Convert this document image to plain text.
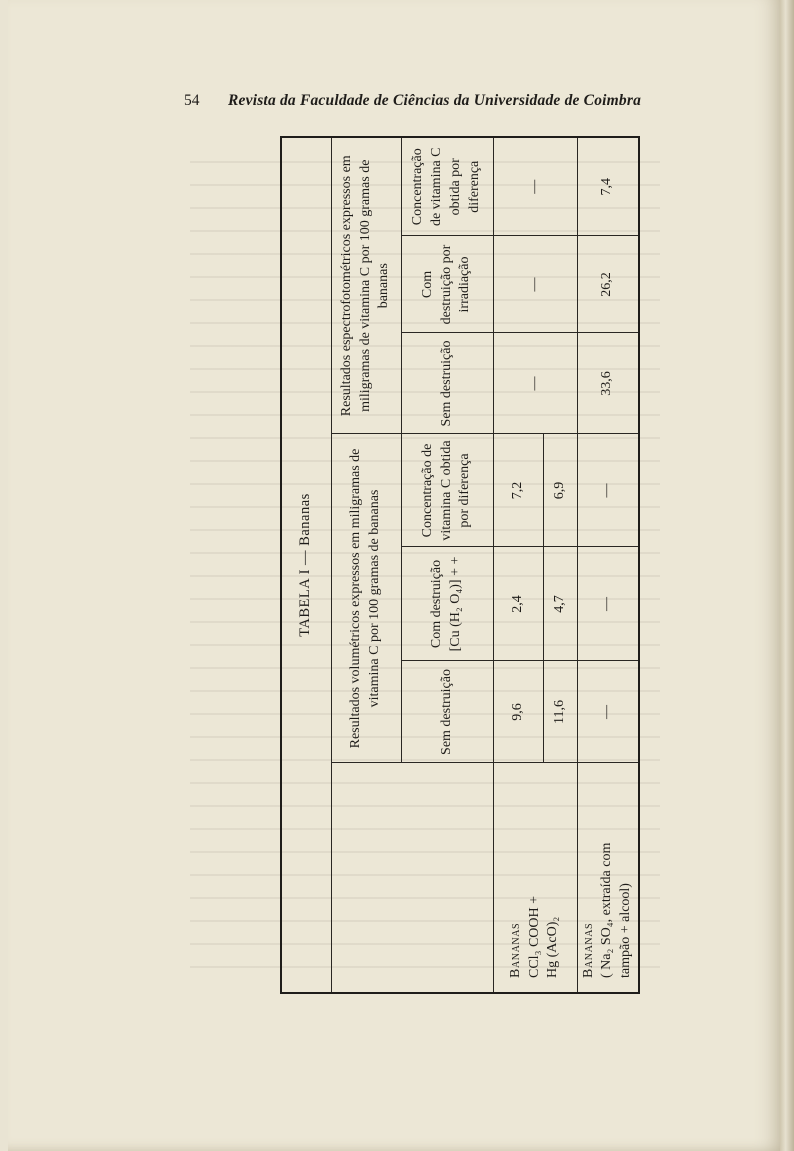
54 Revista da Faculdade de Ciências da Universidade de Coimbra
TABELA I — Bananas						
	Resultados volumétricos expressos em miligramas de vitamina C por 100 gramas de bananas			Resultados espectrofotométricos expressos em miligramas de vitamina C por 100 gramas de bananas		
	Sem destruição	Com destruição [Cu (H₂ O₄)] + +	Concentração de vitamina C obtida por diferença	Sem destruição	Com destruição por irradiação	Concentração de vitamina C obtida por diferença

Bananas CCl₃ COOH + Hg (AcO)₂	9,6	2,4	7,2	—	—	—
	11,6	4,7	6,9			

Bananas ( Na₂ SO₄, extraída com tampão + alcool)	—	—	—	33,6	26,2	7,4
